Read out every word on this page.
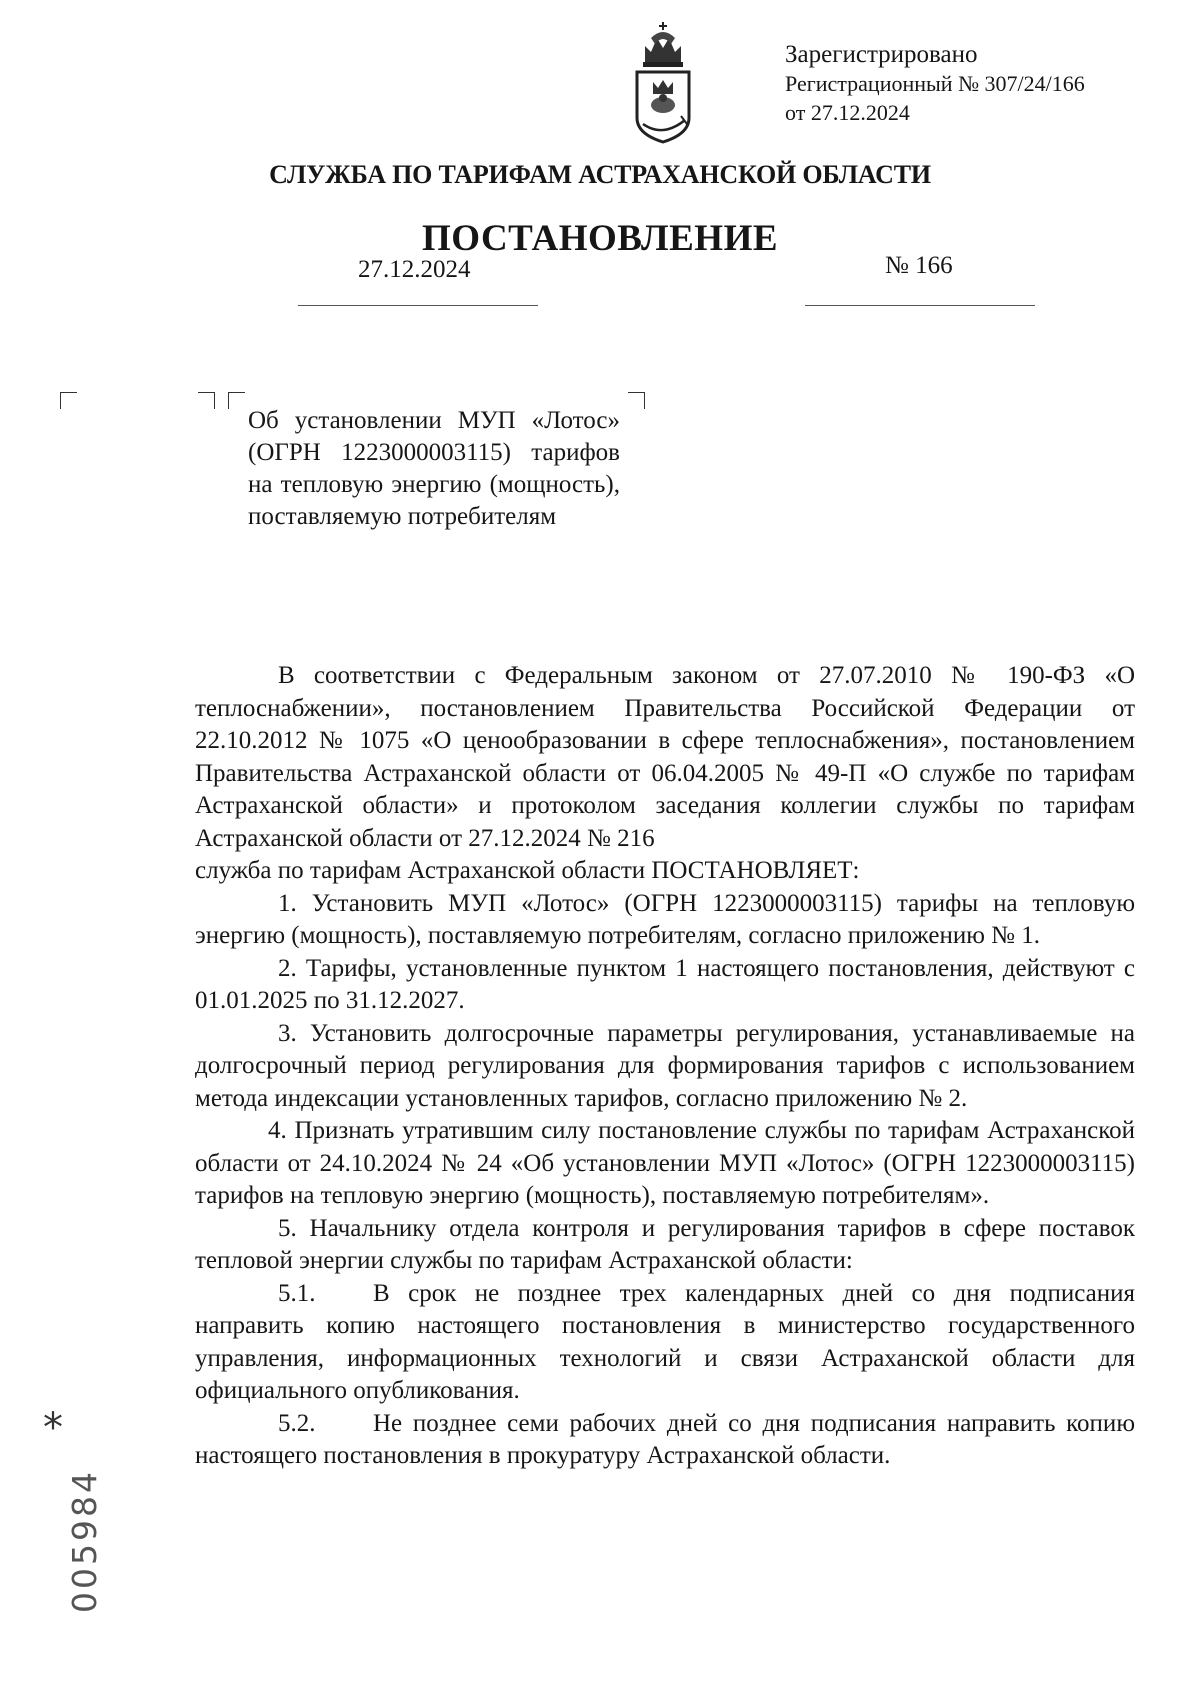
Зарегистрировано
Регистрационный № 307/24/166
от 27.12.2024
СЛУЖБА ПО ТАРИФАМ АСТРАХАНСКОЙ ОБЛАСТИ
ПОСТАНОВЛЕНИЕ
27.12.2024	№ 166
Об установлении МУП «Лотос» (ОГРН 1223000003115) тарифов на тепловую энергию (мощность), поставляемую потребителям

В соответствии с Федеральным законом от 27.07.2010 № 190-ФЗ «О теплоснабжении», постановлением Правительства Российской Федерации от 22.10.2012 № 1075 «О ценообразовании в сфере теплоснабжения», постановлением Правительства Астраханской области от 06.04.2005 № 49-П «О службе по тарифам Астраханской области» и протоколом заседания коллегии службы по тарифам Астраханской области от 27.12.2024 № 216

служба по тарифам Астраханской области ПОСТАНОВЛЯЕТ:

1. Установить МУП «Лотос» (ОГРН 1223000003115) тарифы на тепловую энергию (мощность), поставляемую потребителям, согласно приложению № 1.

2. Тарифы, установленные пунктом 1 настоящего постановления, действуют с 01.01.2025 по 31.12.2027.

3. Установить долгосрочные параметры регулирования, устанавливаемые на долгосрочный период регулирования для формирования тарифов с использованием метода индексации установленных тарифов, согласно приложению № 2.

4. Признать утратившим силу постановление службы по тарифам Астраханской области от 24.10.2024 № 24 «Об установлении МУП «Лотос» (ОГРН 1223000003115) тарифов на тепловую энергию (мощность), поставляемую потребителям».

5. Начальнику отдела контроля и регулирования тарифов в сфере поставок тепловой энергии службы по тарифам Астраханской области:

5.1. В срок не позднее трех календарных дней со дня подписания направить копию настоящего постановления в министерство государственного управления, информационных технологий и связи Астраханской области для официального опубликования.

5.2. Не позднее семи рабочих дней со дня подписания направить копию настоящего постановления в прокуратуру Астраханской области.

*
005984
